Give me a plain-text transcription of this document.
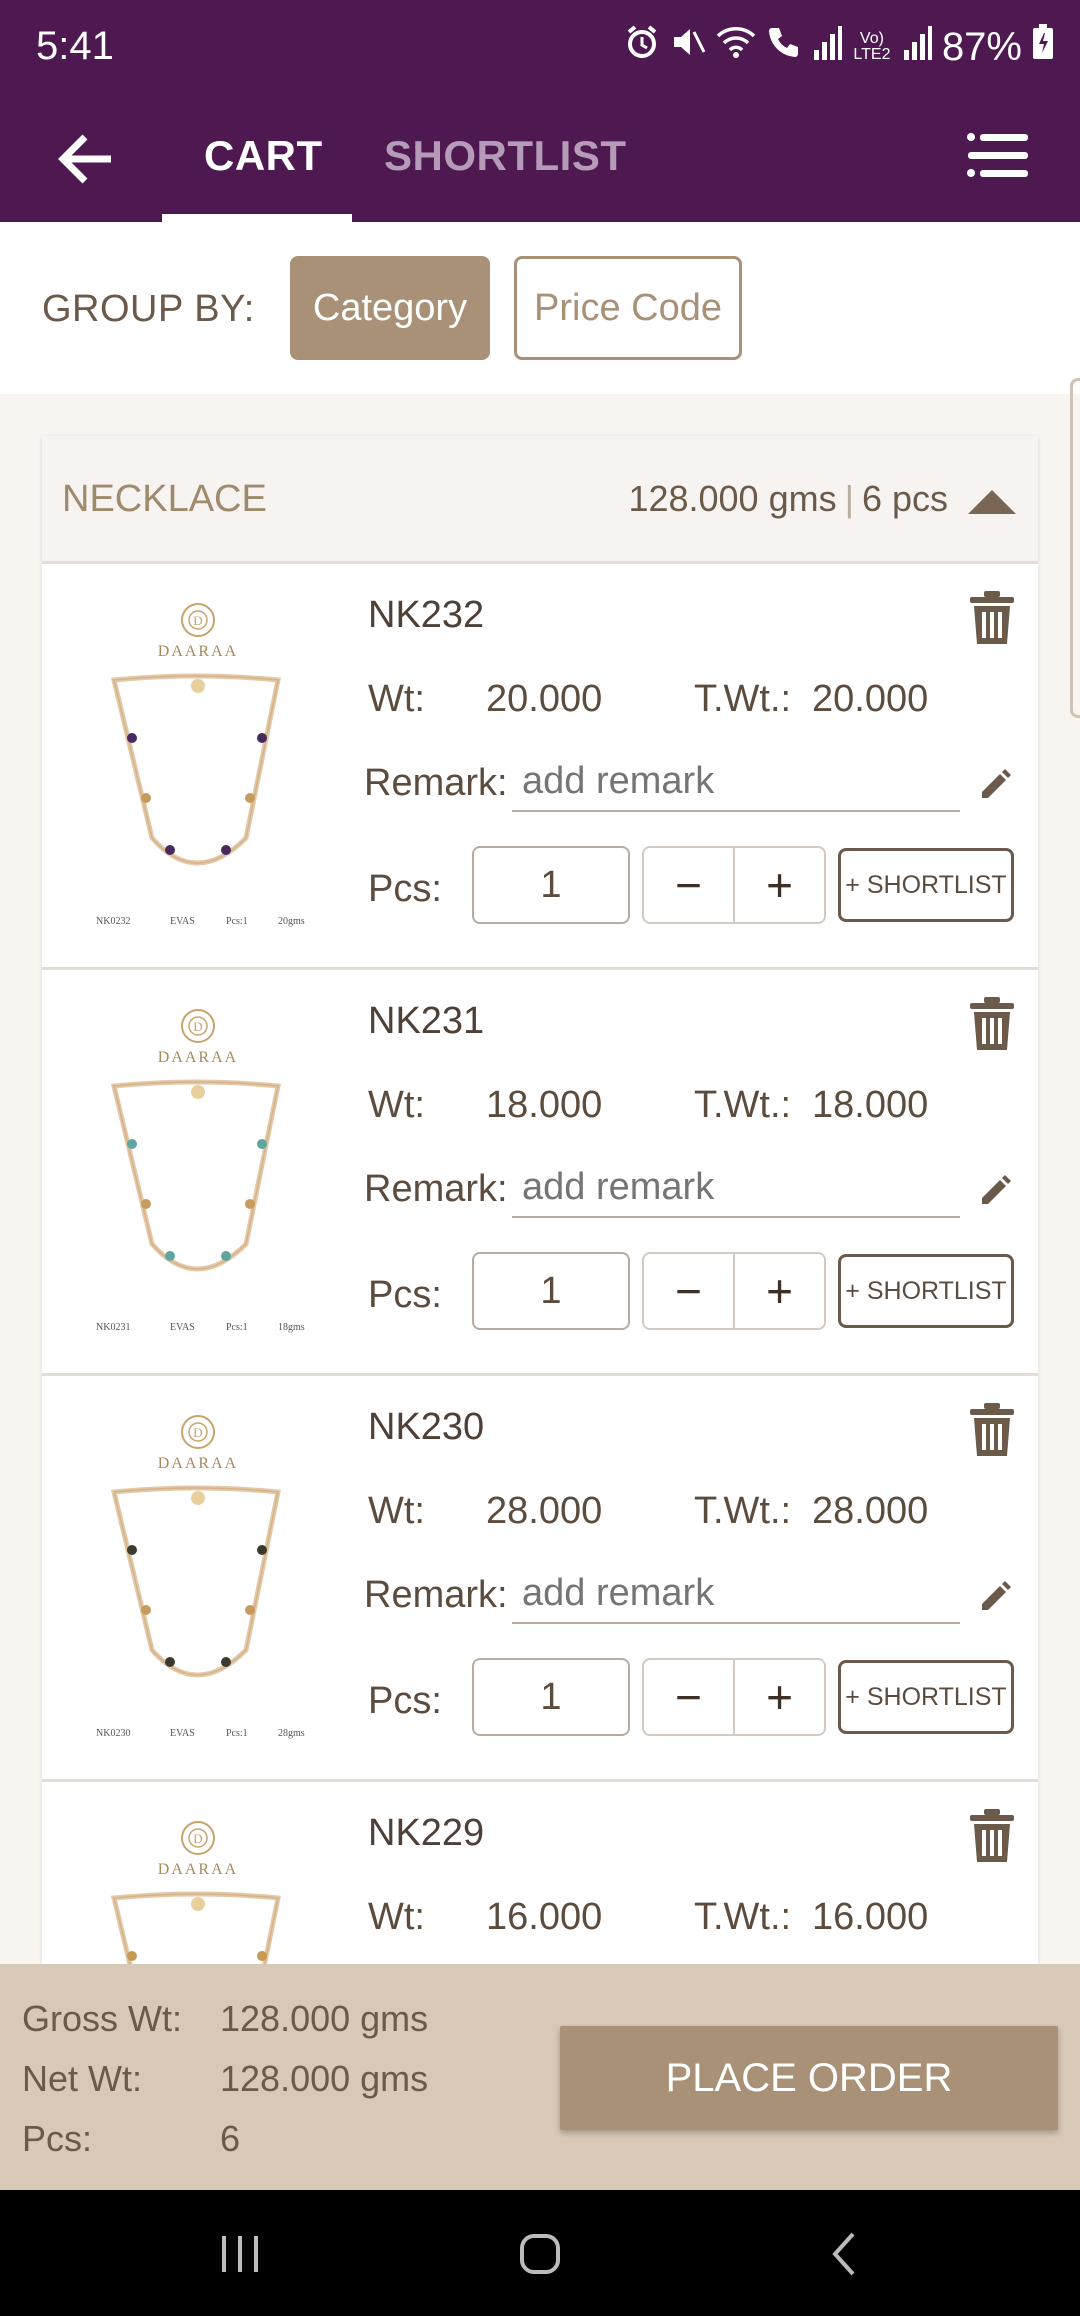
5:41	Vo) LTE2 87%
CART SHORTLIST
GROUP BY:	Category	Price Code
NECKLACE	128.000 gms | 6 pcs
D
DAARAA
NK0232	EVAS	Pcs:1	20gms
NK232
Wt: 20.000 T.Wt.: 20.000
Remark:
add remark
Pcs:
1	−	+	+ SHORTLIST
D
DAARAA
NK0231	EVAS	Pcs:1	18gms
NK231
Wt: 18.000 T.Wt.: 18.000
Remark:
add remark
Pcs:
1	−	+	+ SHORTLIST
D
DAARAA
NK0230	EVAS	Pcs:1	28gms
NK230
Wt: 28.000 T.Wt.: 28.000
Remark:
add remark
Pcs:
1	−	+	+ SHORTLIST
D
DAARAA
NK229
Wt: 16.000 T.Wt.: 16.000
add remark
Gross Wt: 128.000 gms
Net Wt: 128.000 gms
Pcs:	6
PLACE ORDER
